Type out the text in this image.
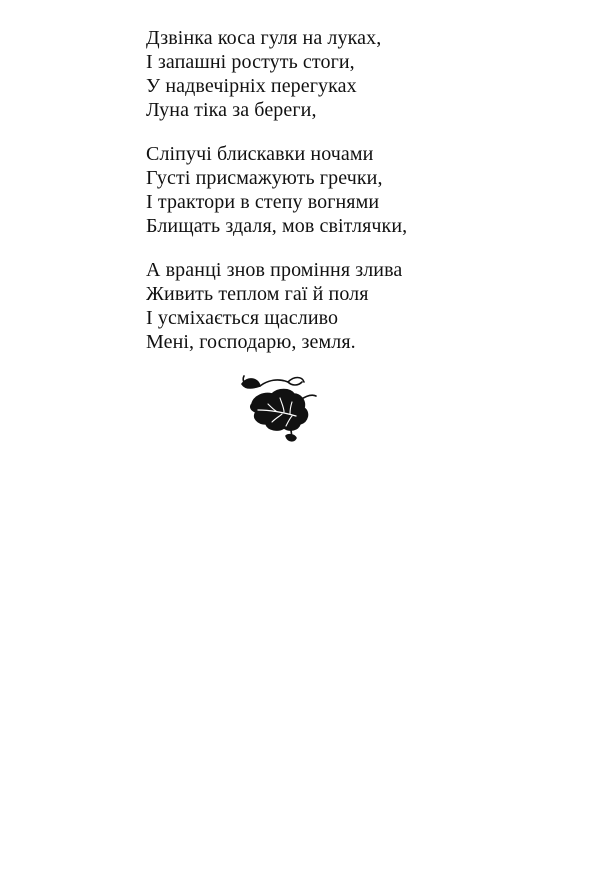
Дзвінка коса гуля на луках,
І запашні ростуть стоги,
У надвечірніх перегуках
Луна тіка за береги,
Сліпучі блискавки ночами
Густі присмажують гречки,
І трактори в степу вогнями
Блищать здаля, мов світлячки,
А вранці знов проміння злива
Живить теплом гаї й поля
І усміхається щасливо
Мені, господарю, земля.
